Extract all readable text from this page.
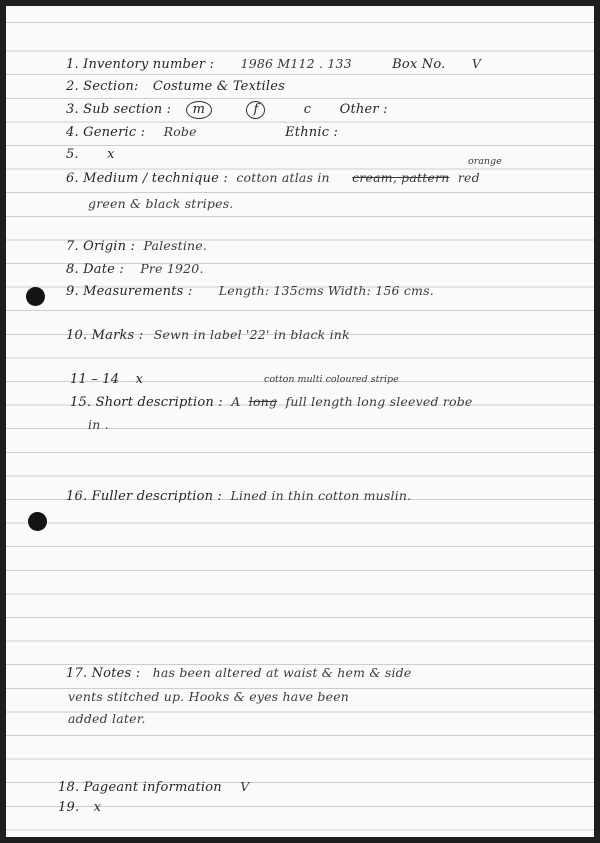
1. Inventory number : 1986 M112 . 133	Box No. V
2. Section: Costume & Textiles
3. Sub section : m	f	c Other :
4. Generic : Robe	Ethnic :
5. x	orange
6. Medium / technique : cotton atlas in cream, pattern red
green & black stripes.
7. Origin : Palestine.
8. Date : Pre 1920.
9. Measurements : Length: 135cms Width: 156 cms.
10. Marks : Sewn in label '22' in black ink
11 – 14 x	cotton multi coloured stripe
15. Short description : A long full length long sleeved robe
in .
16. Fuller description : Lined in thin cotton muslin.
17. Notes : has been altered at waist & hem & side
vents stitched up. Hooks & eyes have been
added later.
18. Pageant information V
19. x
